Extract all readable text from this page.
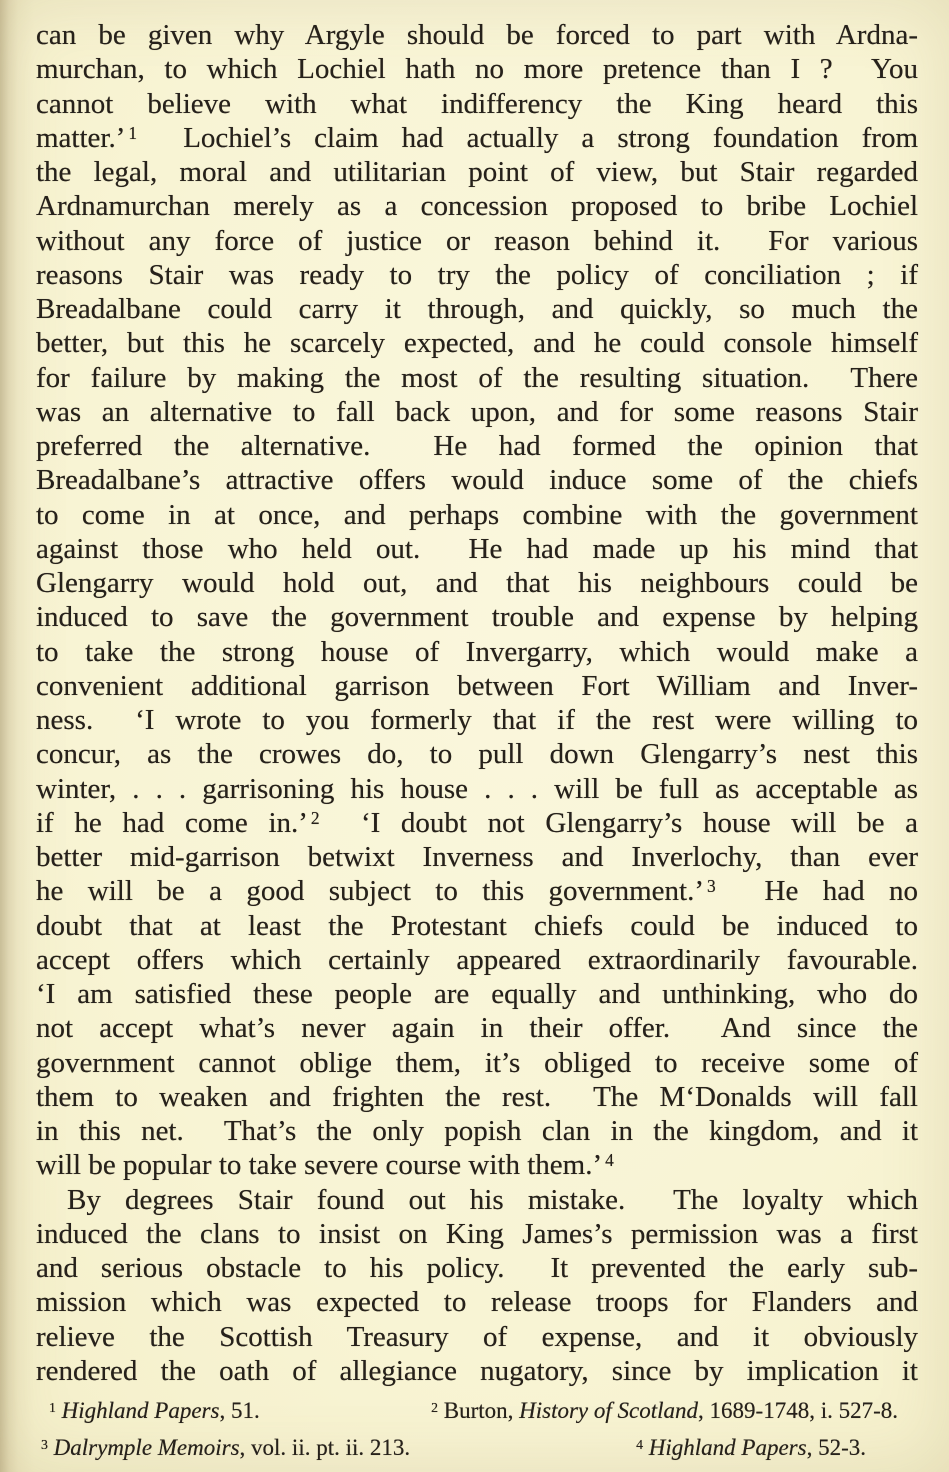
can be given why Argyle should be forced to part with Ardna-
murchan, to which Lochiel hath no more pretence than I ?  You
cannot believe with what indifferency the King heard this
matter.’ $^1$  Lochiel’s claim had actually a strong foundation from
the legal, moral and utilitarian point of view, but Stair regarded
Ardnamurchan merely as a concession proposed to bribe Lochiel
without any force of justice or reason behind it.  For various
reasons Stair was ready to try the policy of conciliation ; if
Breadalbane could carry it through, and quickly, so much the
better, but this he scarcely expected, and he could console himself
for failure by making the most of the resulting situation.  There
was an alternative to fall back upon, and for some reasons Stair
preferred the alternative.  He had formed the opinion that
Breadalbane’s attractive offers would induce some of the chiefs
to come in at once, and perhaps combine with the government
against those who held out.  He had made up his mind that
Glengarry would hold out, and that his neighbours could be
induced to save the government trouble and expense by helping
to take the strong house of Invergarry, which would make a
convenient additional garrison between Fort William and Inver-
ness.  ‘I wrote to you formerly that if the rest were willing to
concur, as the crowes do, to pull down Glengarry’s nest this
winter, . . . garrisoning his house . . . will be full as acceptable as
if he had come in.’ $^2$  ‘I doubt not Glengarry’s house will be a
better mid-garrison betwixt Inverness and Inverlochy, than ever
he will be a good subject to this government.’ $^3$  He had no
doubt that at least the Protestant chiefs could be induced to
accept offers which certainly appeared extraordinarily favourable.
‘I am satisfied these people are equally and unthinking, who do
not accept what’s never again in their offer.  And since the
government cannot oblige them, it’s obliged to receive some of
them to weaken and frighten the rest.  The M‘Donalds will fall
in this net.  That’s the only popish clan in the kingdom, and it
will be popular to take severe course with them.’ $^4$
By degrees Stair found out his mistake.  The loyalty which
induced the clans to insist on King James’s permission was a first
and serious obstacle to his policy.  It prevented the early sub-
mission which was expected to release troops for Flanders and
relieve the Scottish Treasury of expense, and it obviously
rendered the oath of allegiance nugatory, since by implication it
$^1$ Highland Papers, 51.	$^2$ Burton, History of Scotland, 1689-1748, i. 527-8.
$^3$ Dalrymple Memoirs, vol. ii. pt. ii. 213.	$^4$ Highland Papers, 52-3.
